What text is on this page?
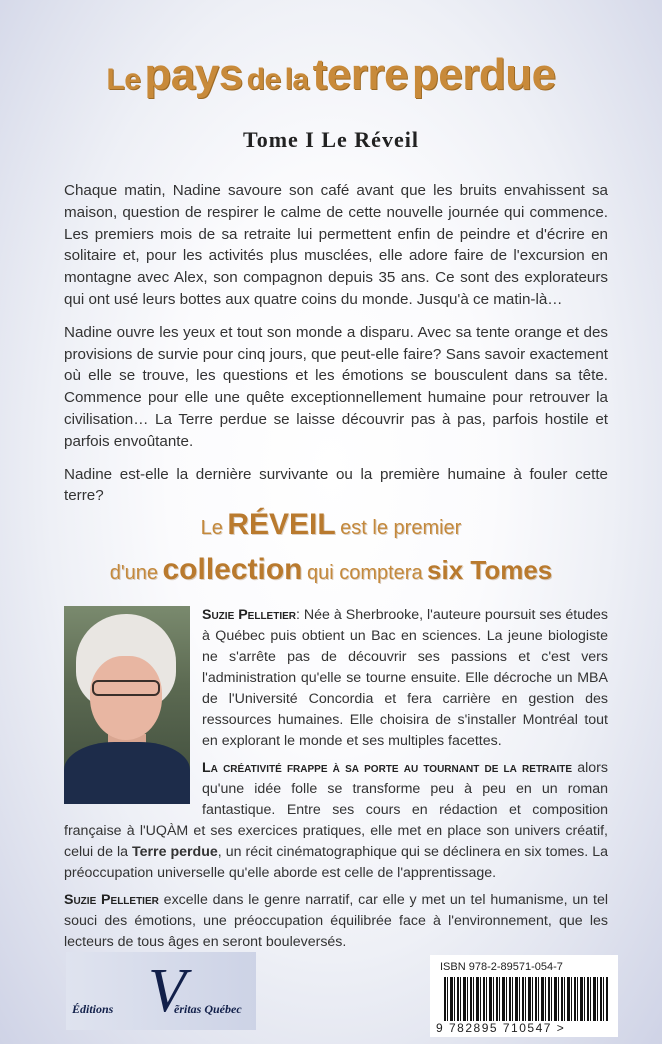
Le pays de la terre perdue
Tome I Le Réveil

Chaque matin, Nadine savoure son café avant que les bruits envahissent sa maison, question de respirer le calme de cette nouvelle journée qui commence. Les premiers mois de sa retraite lui permettent enfin de peindre et d'écrire en solitaire et, pour les activités plus musclées, elle adore faire de l'excursion en montagne avec Alex, son compagnon depuis 35 ans. Ce sont des explorateurs qui ont usé leurs bottes aux quatre coins du monde. Jusqu'à ce matin-là…

Nadine ouvre les yeux et tout son monde a disparu. Avec sa tente orange et des provisions de survie pour cinq jours, que peut-elle faire? Sans savoir exactement où elle se trouve, les questions et les émotions se bousculent dans sa tête. Commence pour elle une quête exceptionnellement humaine pour retrouver la civilisation… La Terre perdue se laisse découvrir pas à pas, parfois hostile et parfois envoûtante.

Nadine est-elle la dernière survivante ou la première humaine à fouler cette terre?

Le RÉVEIL est le premier
d'une collection qui comptera six Tomes

Suzie Pelletier: Née à Sherbrooke, l'auteure poursuit ses études à Québec puis obtient un Bac en sciences. La jeune biologiste ne s'arrête pas de découvrir ses passions et c'est vers l'administration qu'elle se tourne ensuite. Elle décroche un MBA de l'Université Concordia et fera carrière en gestion des ressources humaines. Elle choisira de s'installer Montréal tout en explorant le monde et ses multiples facettes.

La créativité frappe à sa porte au tournant de la retraite alors qu'une idée folle se transforme peu à peu en un roman fantastique. Entre ses cours en rédaction et composition française à l'UQÀM et ses exercices pratiques, elle met en place son univers créatif, celui de la Terre perdue, un récit cinématographique qui se déclinera en six tomes. La préoccupation universelle qu'elle aborde est celle de l'apprentissage.

Suzie Pelletier excelle dans le genre narratif, car elle y met un tel humanisme, un tel souci des émotions, une préoccupation équilibrée face à l'environnement, que les lecteurs de tous âges en seront bouleversés.

V
Éditions	ẽritas Québec
ISBN 978-2-89571-054-7
9 782895 710547 >
